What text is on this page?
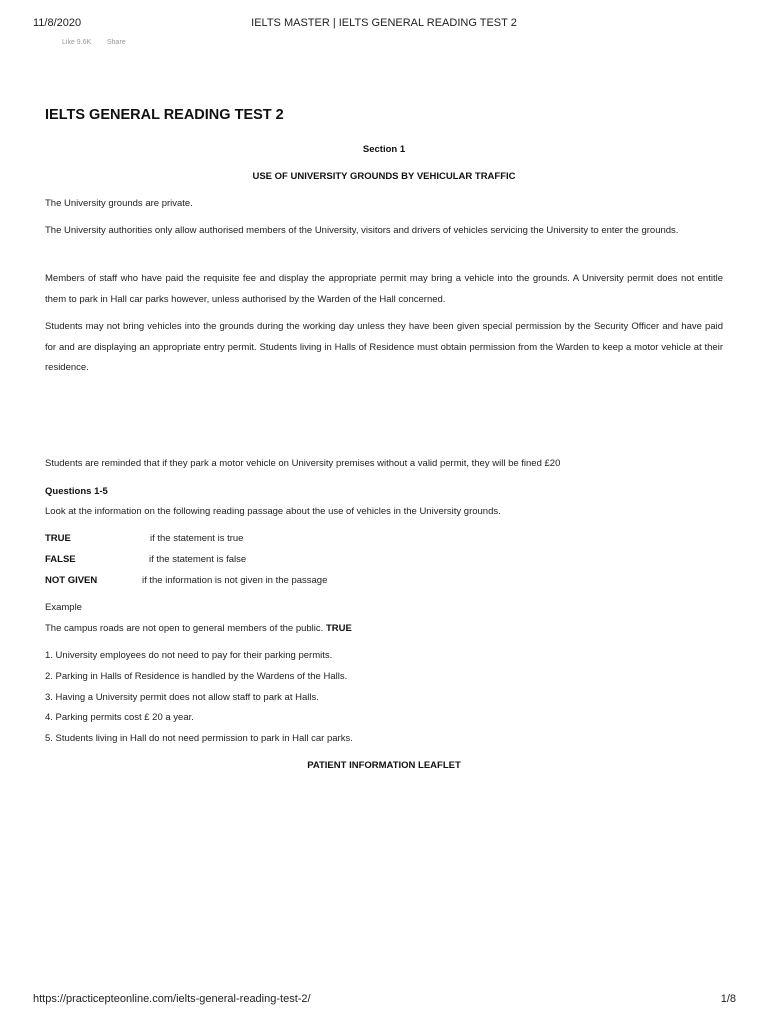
11/8/2020	IELTS MASTER | IELTS GENERAL READING TEST 2
Like 9.6K Share
IELTS GENERAL READING TEST 2
Section 1
USE OF UNIVERSITY GROUNDS BY VEHICULAR TRAFFIC
The University grounds are private.
The University authorities only allow authorised members of the University, visitors and drivers of vehicles servicing the University to enter the grounds.
Members of staff who have paid the requisite fee and display the appropriate permit may bring a vehicle into the grounds. A University permit does not entitle them to park in Hall car parks however, unless authorised by the Warden of the Hall concerned.
Students may not bring vehicles into the grounds during the working day unless they have been given special permission by the Security Officer and have paid for and are displaying an appropriate entry permit. Students living in Halls of Residence must obtain permission from the Warden to keep a motor vehicle at their residence.
Students are reminded that if they park a motor vehicle on University premises without a valid permit, they will be fined £20
Questions 1-5
Look at the information on the following reading passage about the use of vehicles in the University grounds.
TRUE	if the statement is true
FALSE	if the statement is false
NOT GIVEN	if the information is not given in the passage
Example
The campus roads are not open to general members of the public. TRUE
1. University employees do not need to pay for their parking permits.
2. Parking in Halls of Residence is handled by the Wardens of the Halls.
3. Having a University permit does not allow staff to park at Halls.
4. Parking permits cost £ 20 a year.
5. Students living in Hall do not need permission to park in Hall car parks.
PATIENT INFORMATION LEAFLET
https://practicepteonline.com/ielts-general-reading-test-2/	1/8
